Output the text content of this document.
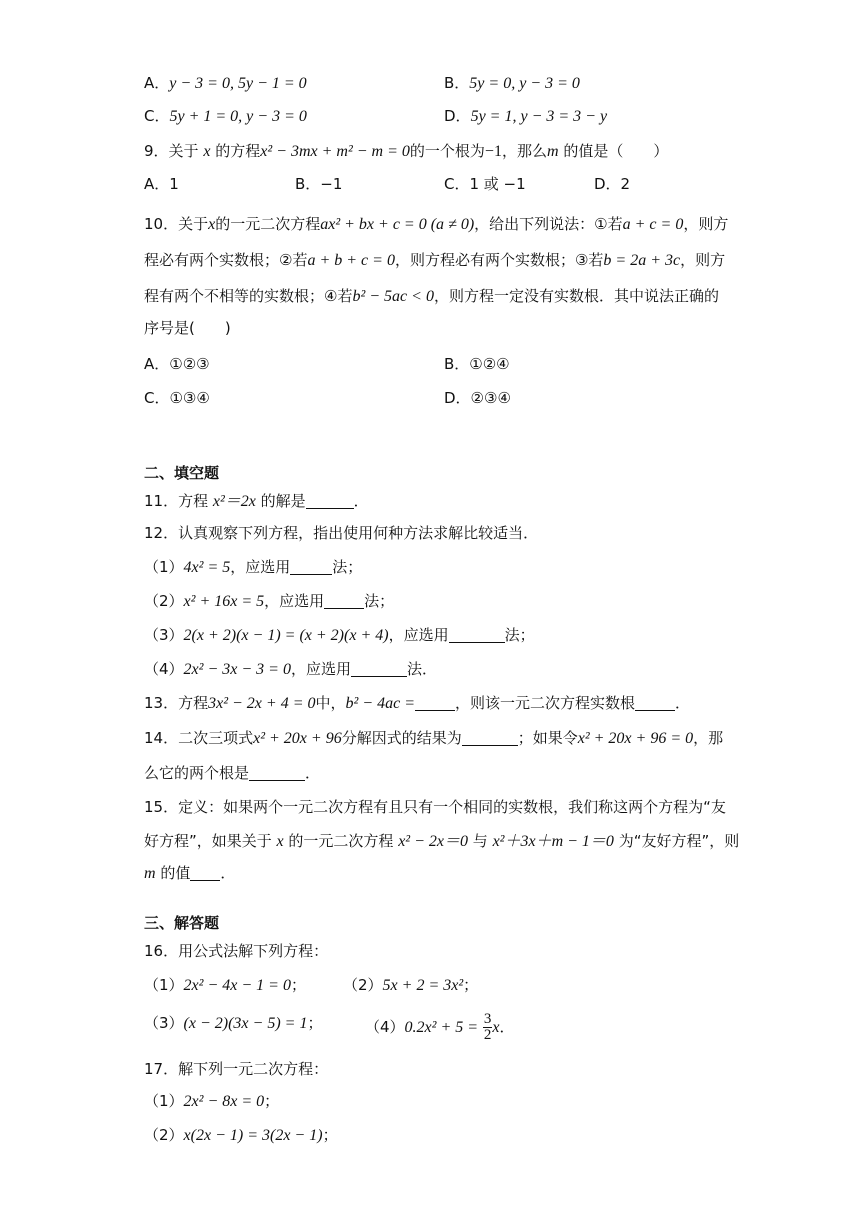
A．y − 3 = 0, 5y − 1 = 0	B．5y = 0, y − 3 = 0
C．5y + 1 = 0, y − 3 = 0	D．5y = 1, y − 3 = 3 − y
9．关于 x 的方程x² − 3mx + m² − m = 0的一个根为−1，那么m 的值是（　　）
A．1	B．−1	C．1 或 −1	D．2
10．关于x的一元二次方程ax² + bx + c = 0 (a ≠ 0)，给出下列说法：①若a + c = 0，则方
程必有两个实数根；②若a + b + c = 0，则方程必有两个实数根；③若b = 2a + 3c，则方
程有两个不相等的实数根；④若b² − 5ac < 0，则方程一定没有实数根．其中说法正确的
序号是(　　)
A．①②③	B．①②④
C．①③④	D．②③④
二、填空题
11．方程 x²＝2x 的解是	．
12．认真观察下列方程，指出使用何种方法求解比较适当．
（1）4x² = 5，应选用	法；
（2）x² + 16x = 5，应选用	法；
（3）2(x + 2)(x − 1) = (x + 2)(x + 4)，应选用	法；
（4）2x² − 3x − 3 = 0，应选用	法．
13．方程3x² − 2x + 4 = 0中，b² − 4ac =	，则该一元二次方程实数根	．
14．二次三项式x² + 20x + 96分解因式的结果为	；如果令x² + 20x + 96 = 0，那
么它的两个根是	．
15．定义：如果两个一元二次方程有且只有一个相同的实数根，我们称这两个方程为“友
好方程”，如果关于 x 的一元二次方程 x² − 2x＝0 与 x²＋3x＋m − 1＝0 为“友好方程”，则
m 的值 ．
三、解答题
16．用公式法解下列方程：
（1）2x² − 4x − 1 = 0； （2）5x + 2 = 3x²；
（3）(x − 2)(3x − 5) = 1；	$(4)0.2x^2 + 5 = \frac{3}{2}$ x．
17．解下列一元二次方程：
（1）2x² − 8x = 0；
（2）x(2x − 1) = 3(2x − 1)；
